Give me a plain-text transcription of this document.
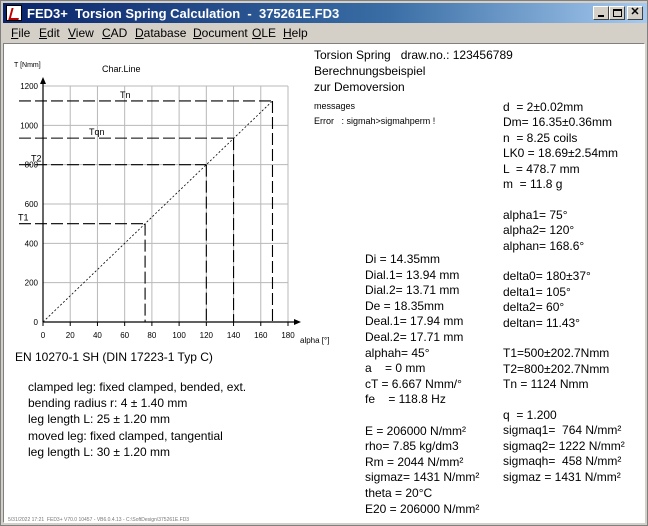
FED3+  Torsion Spring Calculation  -  375261E.FD3	✕
File Edit View CAD Database Document OLE Help
T1
T2
Tqn
Tn
0	20 40 60 80 100 120 140 160 180
0
200
400
600
800
1000
1200
Char.Line
T [Nmm]
alpha [°]
Torsion Spring   draw.no.: 123456789
Berechnungsbeispiel
zur Demoversion
messages
Error   : sigmah>sigmahperm !
EN 10270-1 SH (DIN 17223-1 Typ C)
clamped leg: fixed clamped, bended, ext.
bending radius r: 4 ± 1.40 mm
leg length L: 25 ± 1.20 mm
moved leg: fixed clamped, tangential
leg length L: 30 ± 1.20 mm
Di = 14.35mm
Dial.1= 13.94 mm
Dial.2= 13.71 mm
De = 18.35mm
Deal.1= 17.94 mm
Deal.2= 17.71 mm
alphah= 45°
a    = 0 mm
cT = 6.667 Nmm/°
fe    = 118.8 Hz
E = 206000 N/mm²
rho= 7.85 kg/dm3
Rm = 2044 N/mm²
sigmaz= 1431 N/mm²
theta = 20°C
E20 = 206000 N/mm²
d  = 2±0.02mm
Dm= 16.35±0.36mm
n  = 8.25 coils
LK0 = 18.69±2.54mm
L  = 478.7 mm
m  = 11.8 g
alpha1= 75°
alpha2= 120°
alphan= 168.6°
delta0= 180±37°
delta1= 105°
delta2= 60°
deltan= 11.43°
T1=500±202.7Nmm
T2=800±202.7Nmm
Tn = 1124 Nmm
q  = 1.200
sigmaq1=  764 N/mm²
sigmaq2= 1222 N/mm²
sigmaqh=  458 N/mm²
sigmaz = 1431 N/mm²
5/31/2022 17:21  FED3+ V70.0 10457 - VB6.0.4.13 - C:\SoftDesign\375261E.FD3
